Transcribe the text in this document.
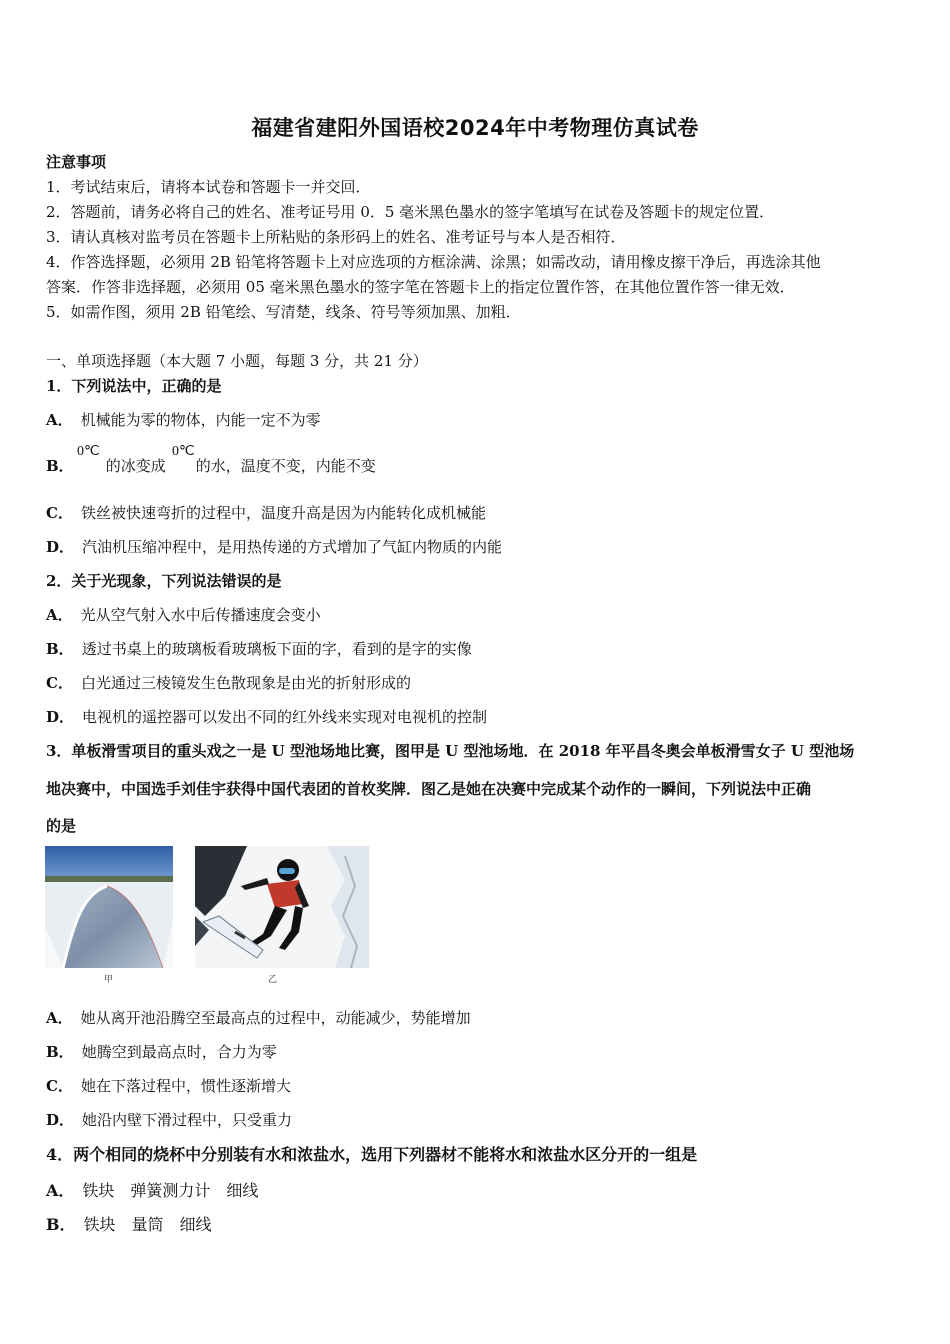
福建省建阳外国语校2024年中考物理仿真试卷
注意事项
1．考试结束后，请将本试卷和答题卡一并交回．
2．答题前，请务必将自己的姓名、准考证号用 0．5 毫米黑色墨水的签字笔填写在试卷及答题卡的规定位置．
3．请认真核对监考员在答题卡上所粘贴的条形码上的姓名、准考证号与本人是否相符．
4．作答选择题，必须用 2B 铅笔将答题卡上对应选项的方框涂满、涂黑；如需改动，请用橡皮擦干净后，再选涂其他
答案．作答非选择题，必须用 05 毫米黑色墨水的签字笔在答题卡上的指定位置作答，在其他位置作答一律无效．
5．如需作图，须用 2B 铅笔绘、写清楚，线条、符号等须加黑、加粗．
一、单项选择题（本大题 7 小题，每题 3 分，共 21 分）
1．下列说法中，正确的是
A． 机械能为零的物体，内能一定不为零
B． 的冰变成 的水，温度不变，内能不变
0℃	0℃
C． 铁丝被快速弯折的过程中，温度升高是因为内能转化成机械能
D． 汽油机压缩冲程中，是用热传递的方式增加了气缸内物质的内能
2．关于光现象，下列说法错误的是
A． 光从空气射入水中后传播速度会变小
B． 透过书桌上的玻璃板看玻璃板下面的字，看到的是字的实像
C． 白光通过三棱镜发生色散现象是由光的折射形成的
D． 电视机的遥控器可以发出不同的红外线来实现对电视机的控制
3．单板滑雪项目的重头戏之一是 U 型池场地比赛，图甲是 U 型池场地．在 2018 年平昌冬奥会单板滑雪女子 U 型池场
地决赛中，中国选手刘佳宇获得中国代表团的首枚奖牌．图乙是她在决赛中完成某个动作的一瞬间，下列说法中正确
的是
甲	乙
A． 她从离开池沿腾空至最高点的过程中，动能减少，势能增加
B． 她腾空到最高点时，合力为零
C． 她在下落过程中，惯性逐渐增大
D． 她沿内壁下滑过程中，只受重力
4．两个相同的烧杯中分别装有水和浓盐水，选用下列器材不能将水和浓盐水区分开的一组是
A． 铁块　弹簧测力计　细线
B． 铁块　量筒　细线
